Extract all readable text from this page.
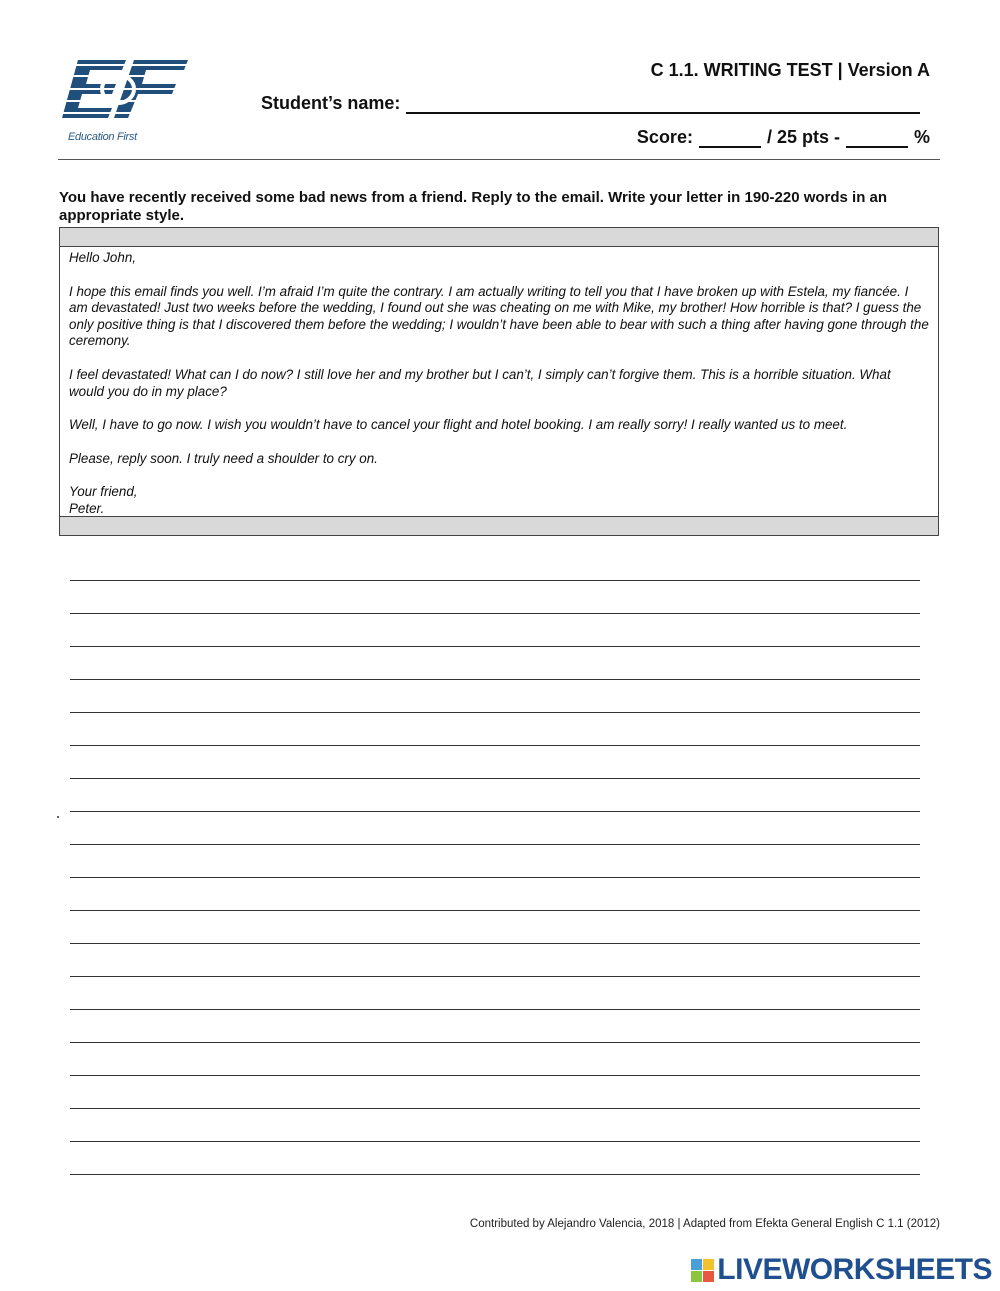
Education First
C 1.1. WRITING TEST | Version A
Student’s name:
Score:	/ 25 pts -	%
You have recently received some bad news from a friend. Reply to the email. Write your letter in 190-220 words in an appropriate style.

Hello John,

I hope this email finds you well. I’m afraid I’m quite the contrary. I am actually writing to tell you that I have broken up with Estela, my fiancée. I am devastated! Just two weeks before the wedding, I found out she was cheating on me with Mike, my brother! How horrible is that? I guess the only positive thing is that I discovered them before the wedding; I wouldn’t have been able to bear with such a thing after having gone through the ceremony.

I feel devastated! What can I do now? I still love her and my brother but I can’t, I simply can’t forgive them. This is a horrible situation. What would you do in my place?

Well, I have to go now. I wish you wouldn’t have to cancel your flight and hotel booking. I am really sorry! I really wanted us to meet.

Please, reply soon. I truly need a shoulder to cry on.

Your friend,

Peter.

Contributed by Alejandro Valencia, 2018 | Adapted from Efekta General English C 1.1 (2012)
LIVEWORKSHEETS
